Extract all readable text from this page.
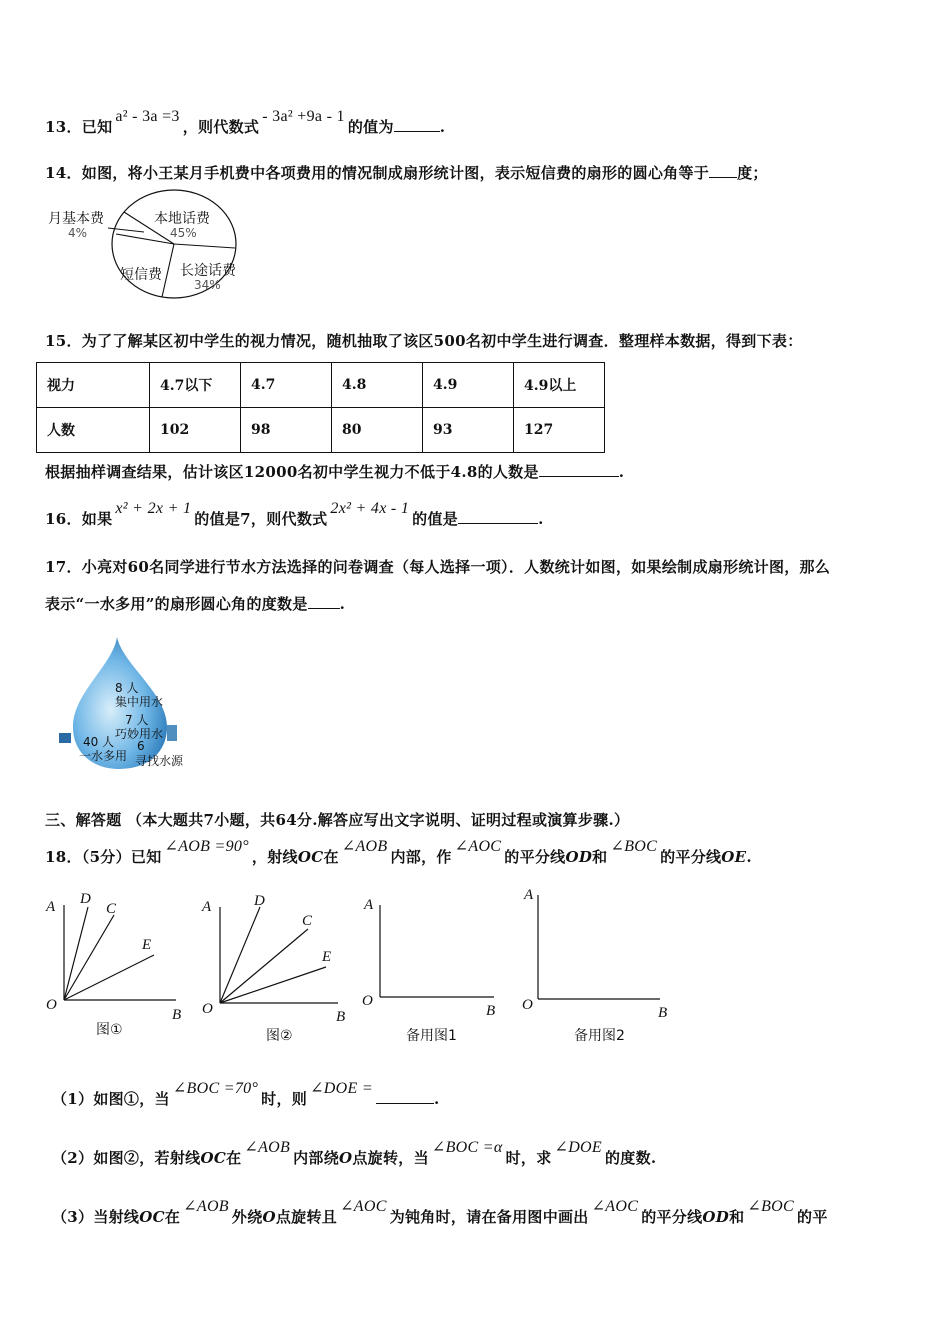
13．已知a² - 3a =3，则代数式- 3a² +9a - 1的值为	.
14．如图，将小王某月手机费中各项费用的情况制成扇形统计图，表示短信费的扇形的圆心角等于 度；
月基本费
4%
本地话费
45%
长途话费
34%
短信费
15．为了了解某区初中学生的视力情况，随机抽取了该区500名初中学生进行调查．整理样本数据，得到下表：
视力	4.7以下	4.7	4.8	4.9	4.9以上
人数	102	98	80	93	127
根据抽样调查结果，估计该区12000名初中学生视力不低于4.8的人数是	.
16．如果x² + 2x + 1的值是7，则代数式2x² + 4x - 1的值是	.
17．小亮对60名同学进行节水方法选择的问卷调查（每人选择一项）．人数统计如图，如果绘制成扇形统计图，那么
表示“一水多用”的扇形圆心角的度数是 .
8 人
集中用水
7 人
巧妙用水
40 人
一水多用
6
寻找水源
三、解答题 （本大题共7小题，共64分.解答应写出文字说明、证明过程或演算步骤.）
18．（5分）已知∠AOB =90°，射线OC在∠AOB内部，作∠AOC的平分线OD和∠BOC的平分线OE.
A D
C
E
O
B
图①
A	D
C
E
O	B
图②
A
O
B
备用图1
A
O	B
备用图2
（1）如图①，当∠BOC =70°时，则∠DOE =.
（2）如图②，若射线OC在∠AOB内部绕O点旋转，当∠BOC =α时，求∠DOE的度数.
（3）当射线OC在∠AOB外绕O点旋转且∠AOC为钝角时，请在备用图中画出∠AOC的平分线OD和∠BOC的平
